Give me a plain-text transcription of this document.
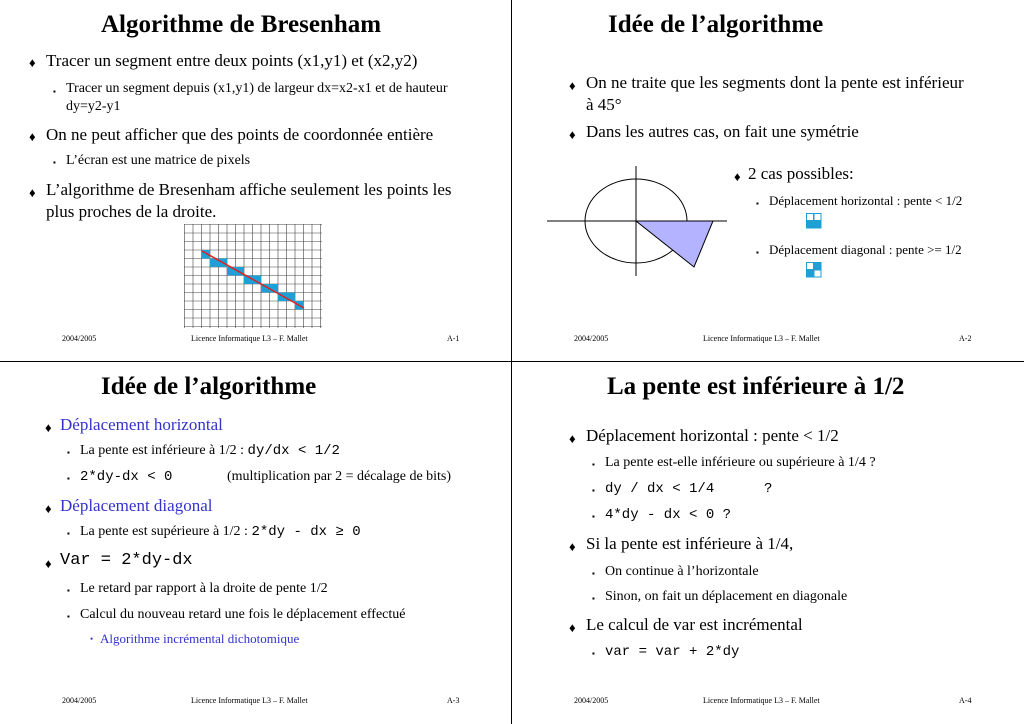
Algorithme de Bresenham
♦ Tracer un segment entre deux points (x1,y1) et (x2,y2)
▪ Tracer un segment depuis (x1,y1) de largeur dx=x2-x1 et de hauteur dy=y2-y1
♦ On ne peut afficher que des points de coordonnée entière
▪ L’écran est une matrice de pixels
♦ L’algorithme de Bresenham affiche seulement les points les plus proches de la droite.
2004/2005	Licence Informatique L3 – F. Mallet	A-1
Idée de l’algorithme
♦ On ne traite que les segments dont la pente est inférieur à 45°
♦ Dans les autres cas, on fait une symétrie
♦ 2 cas possibles:
▪ Déplacement horizontal : pente < 1/2
▪ Déplacement diagonal : pente >= 1/2
2004/2005	Licence Informatique L3 – F. Mallet	A-2
Idée de l’algorithme
♦ Déplacement horizontal
▪ La pente est inférieure à 1/2 : dy/dx < 1/2
▪ 2*dy-dx < 0	(multiplication par 2 = décalage de bits)
♦ Déplacement diagonal
▪ La pente est supérieure à 1/2 : 2*dy - dx ≥ 0
♦ Var = 2*dy-dx
▪ Le retard par rapport à la droite de pente 1/2
▪ Calcul du nouveau retard une fois le déplacement effectué
• Algorithme incrémental dichotomique
2004/2005	Licence Informatique L3 – F. Mallet	A-3
La pente est inférieure à 1/2
♦ Déplacement horizontal : pente < 1/2
▪ La pente est-elle inférieure ou supérieure à 1/4 ?
▪ dy / dx < 1/4	?
▪ 4*dy - dx < 0 ?
♦ Si la pente est inférieure à 1/4,
▪ On continue à l’horizontale
▪ Sinon, on fait un déplacement en diagonale
♦ Le calcul de var est incrémental
▪ var = var + 2*dy
2004/2005	Licence Informatique L3 – F. Mallet	A-4
